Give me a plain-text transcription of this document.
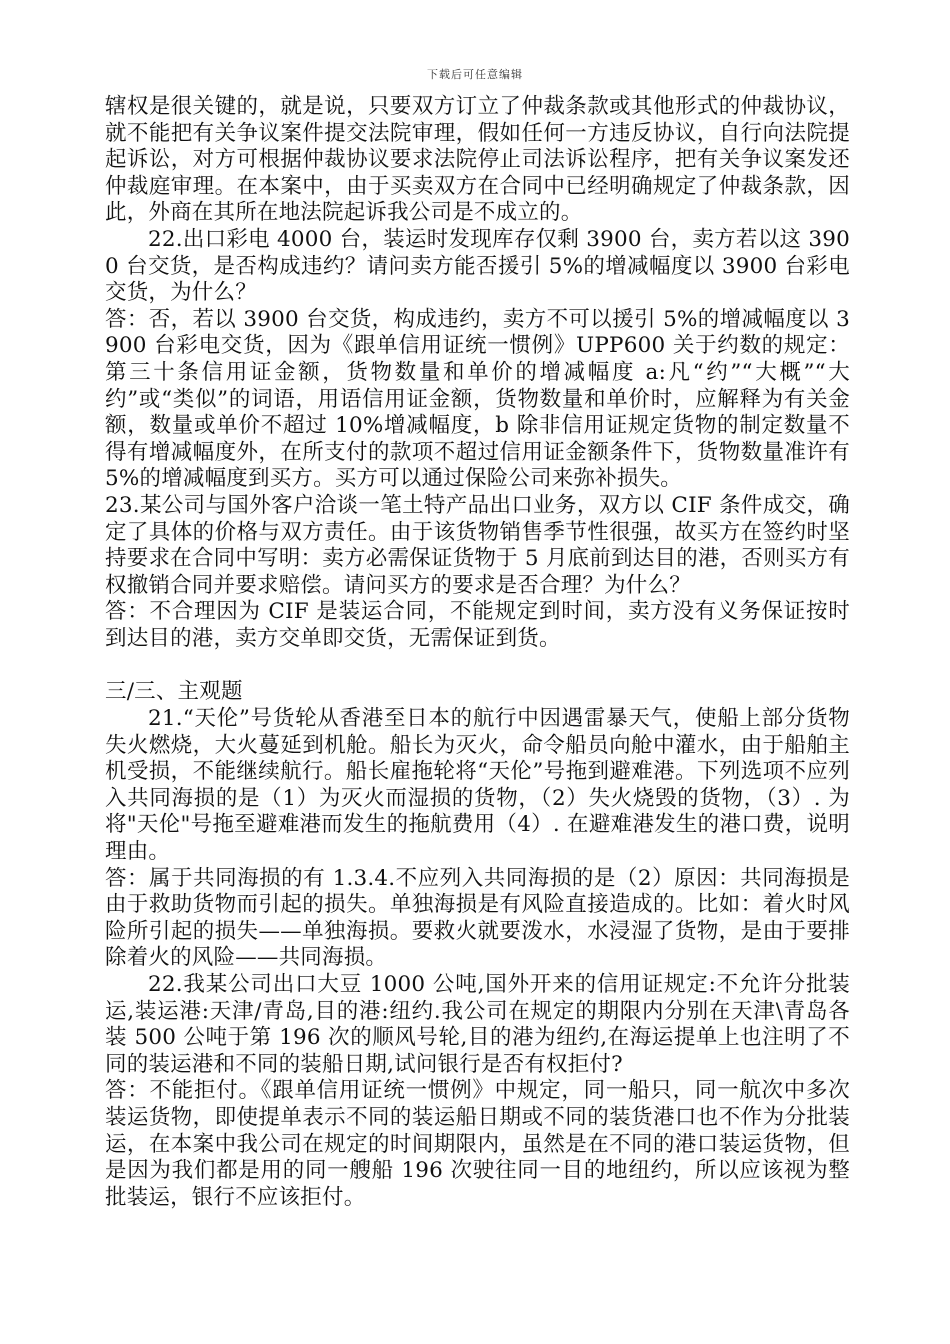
下载后可任意编辑

辖权是很关键的，就是说，只要双方订立了仲裁条款或其他形式的仲裁协议，就不能把有关争议案件提交法院审理，假如任何一方违反协议，自行向法院提起诉讼，对方可根据仲裁协议要求法院停止司法诉讼程序，把有关争议案发还仲裁庭审理。在本案中，由于买卖双方在合同中已经明确规定了仲裁条款，因此，外商在其所在地法院起诉我公司是不成立的。

22.出口彩电 4000 台，装运时发现库存仅剩 3900 台，卖方若以这 3900 台交货，是否构成违约？请问卖方能否援引 5%的增减幅度以 3900 台彩电交货，为什么？

答：否，若以 3900 台交货，构成违约，卖方不可以援引 5%的增减幅度以 3900 台彩电交货，因为《跟单信用证统一惯例》UPP600 关于约数的规定：第三十条信用证金额，货物数量和单价的增减幅度 a:凡“约”“大概”“大约”或“类似”的词语，用语信用证金额，货物数量和单价时，应解释为有关金额，数量或单价不超过 10%增减幅度，b 除非信用证规定货物的制定数量不得有增减幅度外，在所支付的款项不超过信用证金额条件下，货物数量准许有 5%的增减幅度到买方。买方可以通过保险公司来弥补损失。

23.某公司与国外客户洽谈一笔土特产品出口业务，双方以 CIF 条件成交，确定了具体的价格与双方责任。由于该货物销售季节性很强，故买方在签约时坚持要求在合同中写明：卖方必需保证货物于 5 月底前到达目的港，否则买方有权撤销合同并要求赔偿。请问买方的要求是否合理？为什么？

答：不合理因为 CIF 是装运合同，不能规定到时间，卖方没有义务保证按时到达目的港，卖方交单即交货，无需保证到货。

三/三、主观题

21.“天伦”号货轮从香港至日本的航行中因遇雷暴天气，使船上部分货物失火燃烧，大火蔓延到机舱。船长为灭火，命令船员向舱中灌水，由于船舶主机受损，不能继续航行。船长雇拖轮将“天伦”号拖到避难港。下列选项不应列入共同海损的是（1）为灭火而湿损的货物，（2）失火烧毁的货物，（3）. 为将"天伦"号拖至避难港而发生的拖航费用（4）. 在避难港发生的港口费，说明理由。

答：属于共同海损的有 1.3.4.不应列入共同海损的是（2）原因：共同海损是由于救助货物而引起的损失。单独海损是有风险直接造成的。比如：着火时风险所引起的损失——单独海损。要救火就要泼水，水浸湿了货物，是由于要排除着火的风险——共同海损。

22.我某公司出口大豆 1000 公吨,国外开来的信用证规定:不允许分批装运,装运港:天津/青岛,目的港:纽约.我公司在规定的期限内分别在天津\青岛各装 500 公吨于第 196 次的顺风号轮,目的港为纽约,在海运提单上也注明了不同的装运港和不同的装船日期,试问银行是否有权拒付?

答：不能拒付。《跟单信用证统一惯例》中规定，同一船只，同一航次中多次装运货物，即使提单表示不同的装运船日期或不同的装货港口也不作为分批装运，在本案中我公司在规定的时间期限内，虽然是在不同的港口装运货物，但是因为我们都是用的同一艘船 196 次驶往同一目的地纽约，所以应该视为整批装运，银行不应该拒付。
